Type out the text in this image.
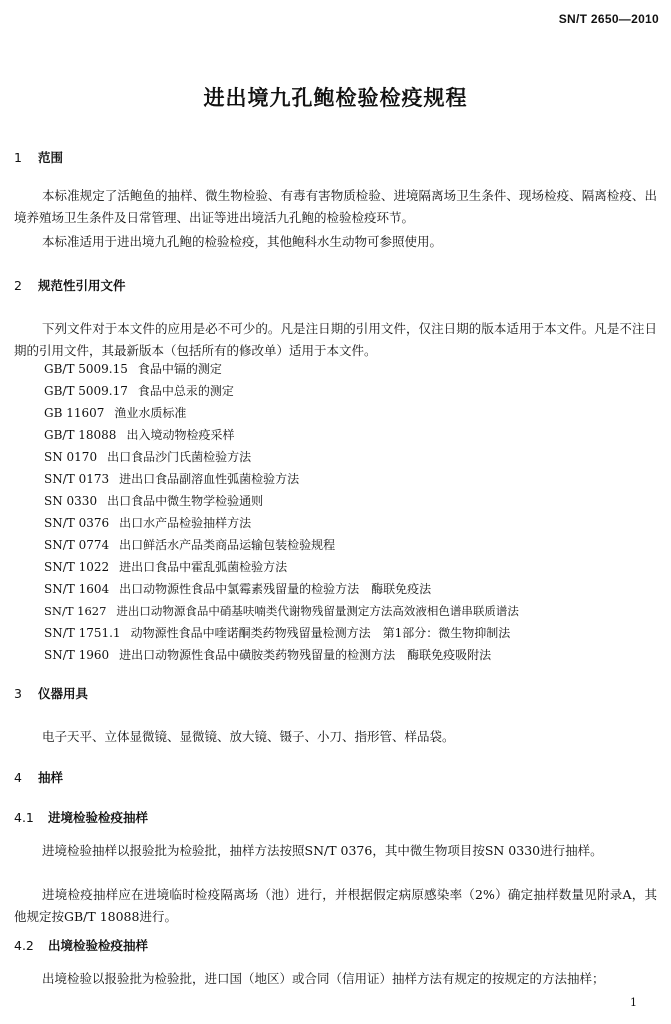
SN/T 2650—2010
进出境九孔鲍检验检疫规程
1 范围
本标准规定了活鲍鱼的抽样、微生物检验、有毒有害物质检验、进境隔离场卫生条件、现场检疫、隔离检疫、出境养殖场卫生条件及日常管理、出证等进出境活九孔鲍的检验检疫环节。
本标准适用于进出境九孔鲍的检验检疫，其他鲍科水生动物可参照使用。
2 规范性引用文件
下列文件对于本文件的应用是必不可少的。凡是注日期的引用文件，仅注日期的版本适用于本文件。凡是不注日期的引用文件，其最新版本（包括所有的修改单）适用于本文件。
GB/T 5009.15 食品中镉的测定
GB/T 5009.17 食品中总汞的测定
GB 11607 渔业水质标准
GB/T 18088 出入境动物检疫采样
SN 0170 出口食品沙门氏菌检验方法
SN/T 0173 进出口食品副溶血性弧菌检验方法
SN 0330 出口食品中微生物学检验通则
SN/T 0376 出口水产品检验抽样方法
SN/T 0774 出口鲜活水产品类商品运输包装检验规程
SN/T 1022 进出口食品中霍乱弧菌检验方法
SN/T 1604 出口动物源性食品中氯霉素残留量的检验方法　酶联免疫法
SN/T 1627 进出口动物源食品中硝基呋喃类代谢物残留量测定方法高效液相色谱串联质谱法
SN/T 1751.1 动物源性食品中喹诺酮类药物残留量检测方法　第1部分：微生物抑制法
SN/T 1960 进出口动物源性食品中磺胺类药物残留量的检测方法　酶联免疫吸附法
3 仪器用具
电子天平、立体显微镜、显微镜、放大镜、镊子、小刀、指形管、样品袋。
4 抽样
4.1 进境检验检疫抽样
进境检验抽样以报验批为检验批，抽样方法按照SN/T 0376，其中微生物项目按SN 0330进行抽样。
进境检疫抽样应在进境临时检疫隔离场（池）进行，并根据假定病原感染率（2%）确定抽样数量见附录A，其他规定按GB/T 18088进行。
4.2 出境检验检疫抽样
出境检验以报验批为检验批，进口国（地区）或合同（信用证）抽样方法有规定的按规定的方法抽样；
1
